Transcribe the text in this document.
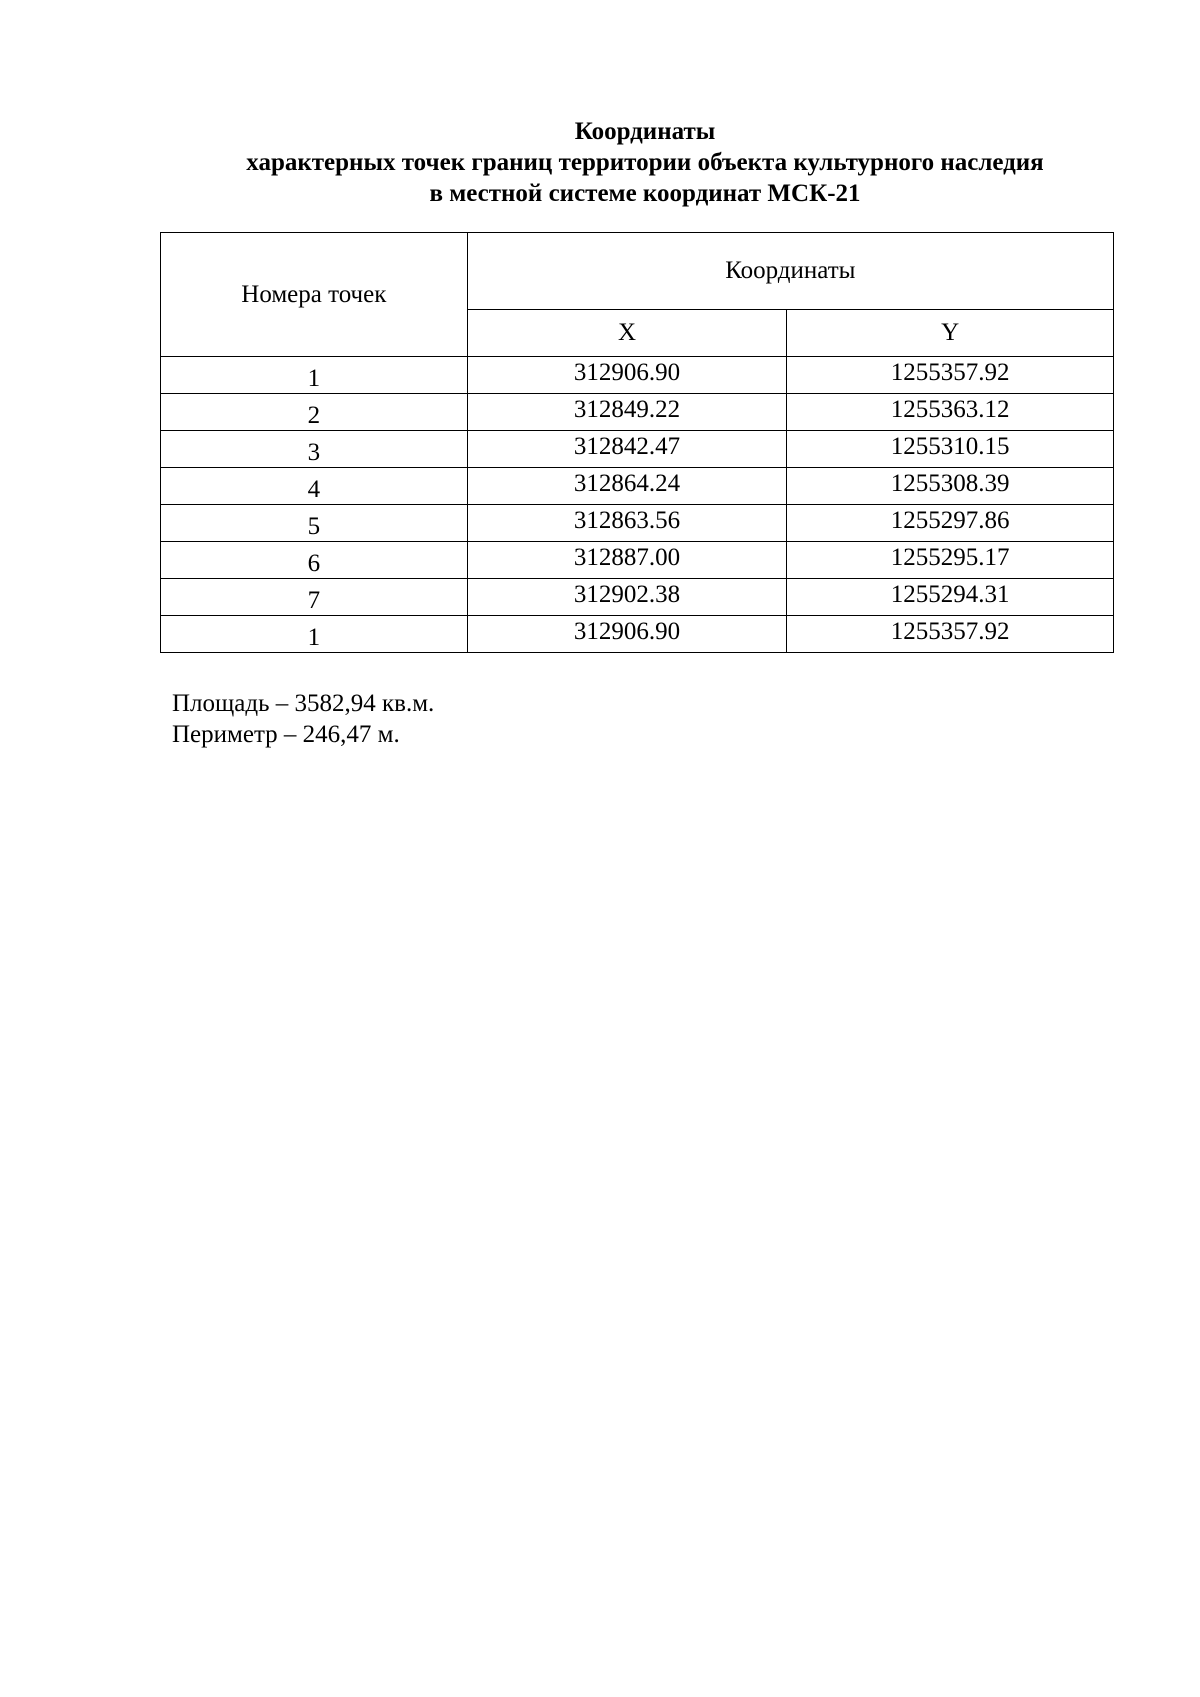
Координаты
характерных точек границ территории объекта культурного наследия
в местной системе координат МСК-21
Номера точек	Координаты	
	X	Y
1	312906.90	1255357.92
2	312849.22	1255363.12
3	312842.47	1255310.15
4	312864.24	1255308.39
5	312863.56	1255297.86
6	312887.00	1255295.17
7	312902.38	1255294.31
1	312906.90	1255357.92
Площадь – 3582,94 кв.м.
Периметр – 246,47 м.
